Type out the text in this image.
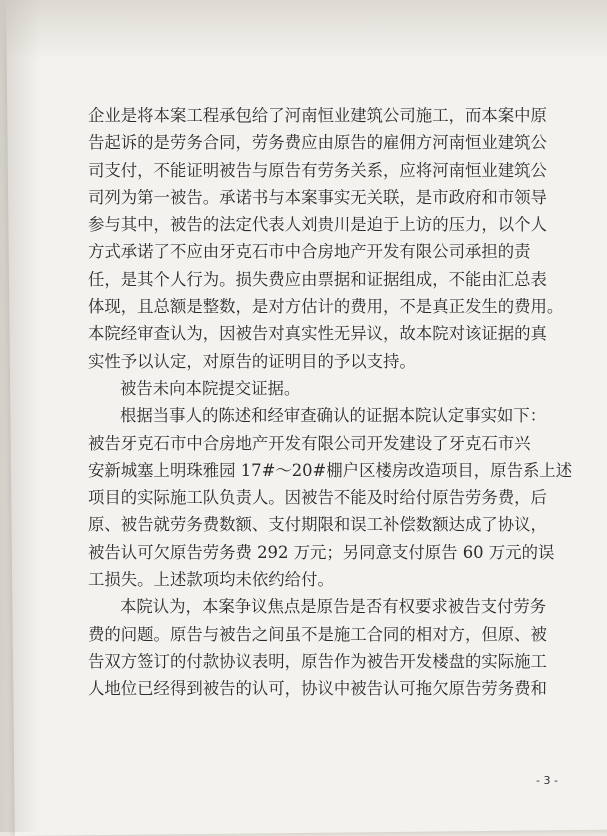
企业是将本案工程承包给了河南恒业建筑公司施工，而本案中原
告起诉的是劳务合同，劳务费应由原告的雇佣方河南恒业建筑公
司支付，不能证明被告与原告有劳务关系，应将河南恒业建筑公
司列为第一被告。承诺书与本案事实无关联，是市政府和市领导
参与其中，被告的法定代表人刘贵川是迫于上访的压力，以个人
方式承诺了不应由牙克石市中合房地产开发有限公司承担的责
任，是其个人行为。损失费应由票据和证据组成，不能由汇总表
体现，且总额是整数，是对方估计的费用，不是真正发生的费用。
本院经审查认为，因被告对真实性无异议，故本院对该证据的真
实性予以认定，对原告的证明目的予以支持。
被告未向本院提交证据。
根据当事人的陈述和经审查确认的证据本院认定事实如下：
被告牙克石市中合房地产开发有限公司开发建设了牙克石市兴
安新城塞上明珠雅园 17#～20#棚户区楼房改造项目，原告系上述
项目的实际施工队负责人。因被告不能及时给付原告劳务费，后
原、被告就劳务费数额、支付期限和误工补偿数额达成了协议，
被告认可欠原告劳务费 292 万元；另同意支付原告 60 万元的误
工损失。上述款项均未依约给付。
本院认为，本案争议焦点是原告是否有权要求被告支付劳务
费的问题。原告与被告之间虽不是施工合同的相对方，但原、被
告双方签订的付款协议表明，原告作为被告开发楼盘的实际施工
人地位已经得到被告的认可，协议中被告认可拖欠原告劳务费和
- 3 -
